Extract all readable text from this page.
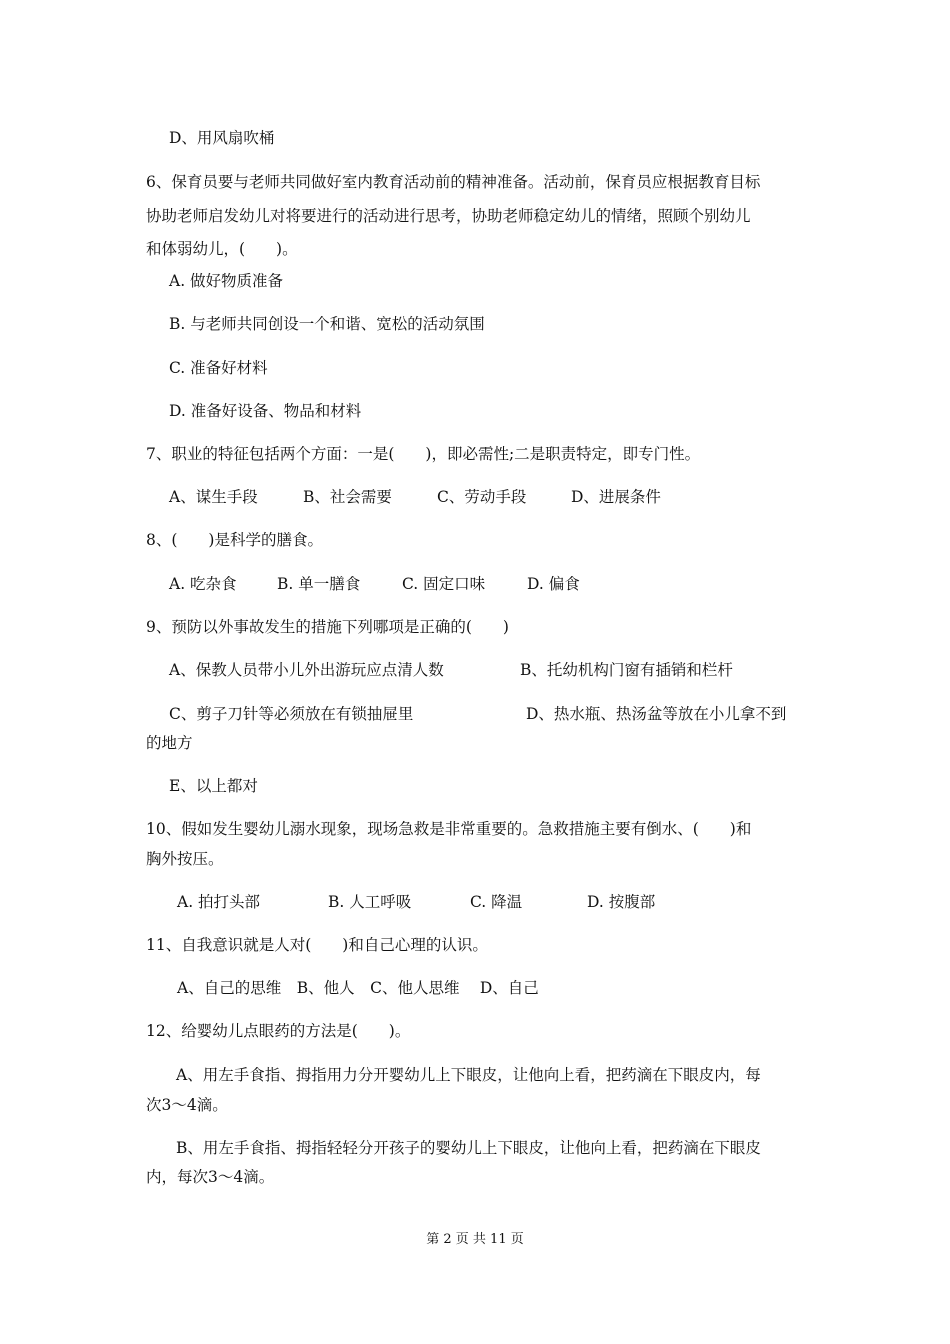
D、用风扇吹桶
6、保育员要与老师共同做好室内教育活动前的精神准备。活动前，保育员应根据教育目标
协助老师启发幼儿对将要进行的活动进行思考，协助老师稳定幼儿的情绪，照顾个别幼儿
和体弱幼儿，(　　)。
A. 做好物质准备
B. 与老师共同创设一个和谐、宽松的活动氛围
C. 准备好材料
D. 准备好设备、物品和材料
7、职业的特征包括两个方面：一是(　　)，即必需性;二是职责特定，即专门性。
A、谋生手段	B、社会需要	C、劳动手段	D、进展条件
8、(　　)是科学的膳食。
A. 吃杂食	B. 单一膳食	C. 固定口味	D. 偏食
9、预防以外事故发生的措施下列哪项是正确的(　　)
A、保教人员带小儿外出游玩应点清人数	B、托幼机构门窗有插销和栏杆
C、剪子刀针等必须放在有锁抽屉里	D、热水瓶、热汤盆等放在小儿拿不到
的地方
E、以上都对
10、假如发生婴幼儿溺水现象，现场急救是非常重要的。急救措施主要有倒水、(　　)和
胸外按压。
A. 拍打头部	B. 人工呼吸	C. 降温	D. 按腹部
11、自我意识就是人对(　　)和自己心理的认识。
A、自己的思维　B、他人　C、他人思维　 D、自己
12、给婴幼儿点眼药的方法是(　　)。
A、用左手食指、拇指用力分开婴幼儿上下眼皮，让他向上看，把药滴在下眼皮内，每
次3～4滴。
B、用左手食指、拇指轻轻分开孩子的婴幼儿上下眼皮，让他向上看，把药滴在下眼皮
内，每次3～4滴。
第 2 页 共 11 页
